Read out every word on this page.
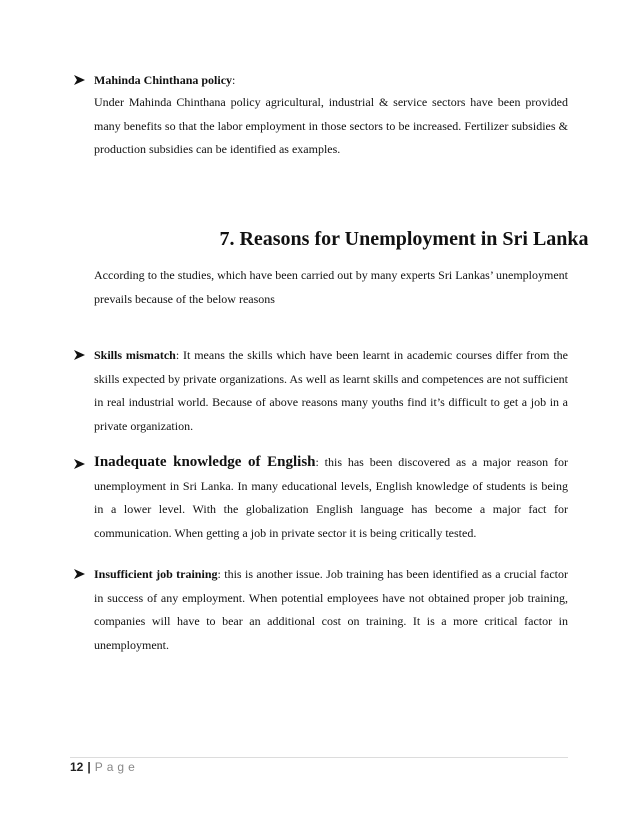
Mahinda Chinthana policy:
Under Mahinda Chinthana policy agricultural, industrial & service sectors have been provided many benefits so that the labor employment in those sectors to be increased. Fertilizer subsidies & production subsidies can be identified as examples.
7. Reasons for Unemployment in Sri Lanka
According to the studies, which have been carried out by many experts Sri Lankas’ unemployment prevails because of the below reasons
Skills mismatch: It means the skills which have been learnt in academic courses differ from the skills expected by private organizations. As well as learnt skills and competences are not sufficient in real industrial world. Because of above reasons many youths find it’s difficult to get a job in a private organization.
Inadequate knowledge of English: this has been discovered as a major reason for unemployment in Sri Lanka. In many educational levels, English knowledge of students is being in a lower level. With the globalization English language has become a major fact for communication. When getting a job in private sector it is being critically tested.
Insufficient job training: this is another issue. Job training has been identified as a crucial factor in success of any employment. When potential employees have not obtained proper job training, companies will have to bear an additional cost on training. It is a more critical factor in unemployment.
12 | Page
